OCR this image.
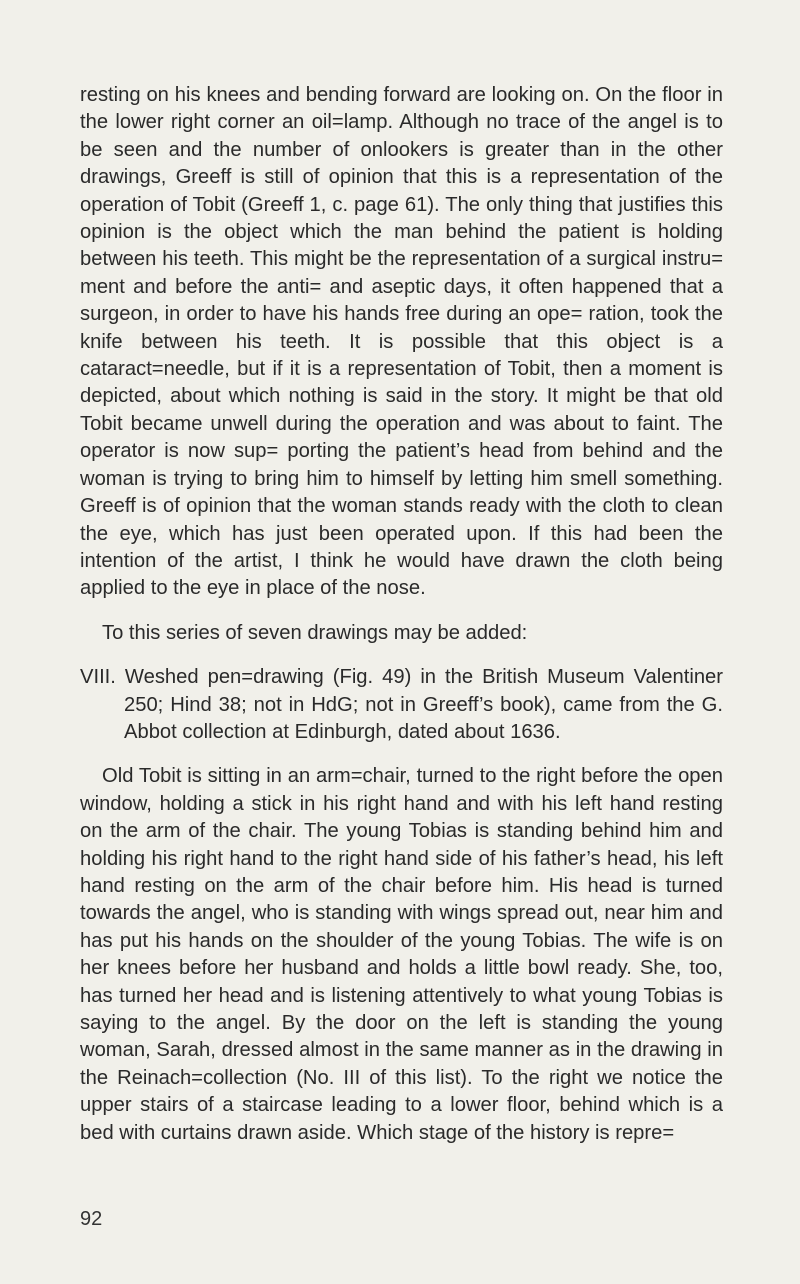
resting on his knees and bending forward are looking on. On the floor in the lower right corner an oil=lamp. Although no trace of the angel is to be seen and the number of onlookers is greater than in the other drawings, Greeff is still of opinion that this is a representation of the operation of Tobit (Greeff 1, c. page 61). The only thing that justifies this opinion is the object which the man behind the patient is holding between his teeth. This might be the representation of a surgical instru= ment and before the anti= and aseptic days, it often happened that a surgeon, in order to have his hands free during an ope= ration, took the knife between his teeth. It is possible that this object is a cataract=needle, but if it is a representation of Tobit, then a moment is depicted, about which nothing is said in the story. It might be that old Tobit became unwell during the operation and was about to faint. The operator is now sup= porting the patient’s head from behind and the woman is trying to bring him to himself by letting him smell something. Greeff is of opinion that the woman stands ready with the cloth to clean the eye, which has just been operated upon. If this had been the intention of the artist, I think he would have drawn the cloth being applied to the eye in place of the nose.

To this series of seven drawings may be added:

VIII. Weshed pen=drawing (Fig. 49) in the British Museum Valentiner 250; Hind 38; not in HdG; not in Greeff’s book), came from the G. Abbot collection at Edinburgh, dated about 1636.

Old Tobit is sitting in an arm=chair, turned to the right before the open window, holding a stick in his right hand and with his left hand resting on the arm of the chair. The young Tobias is standing behind him and holding his right hand to the right hand side of his father’s head, his left hand resting on the arm of the chair before him. His head is turned towards the angel, who is standing with wings spread out, near him and has put his hands on the shoulder of the young Tobias. The wife is on her knees before her husband and holds a little bowl ready. She, too, has turned her head and is listening attentively to what young Tobias is saying to the angel. By the door on the left is standing the young woman, Sarah, dressed almost in the same manner as in the drawing in the Reinach=collection (No. III of this list). To the right we notice the upper stairs of a staircase leading to a lower floor, behind which is a bed with curtains drawn aside. Which stage of the history is repre=

92
